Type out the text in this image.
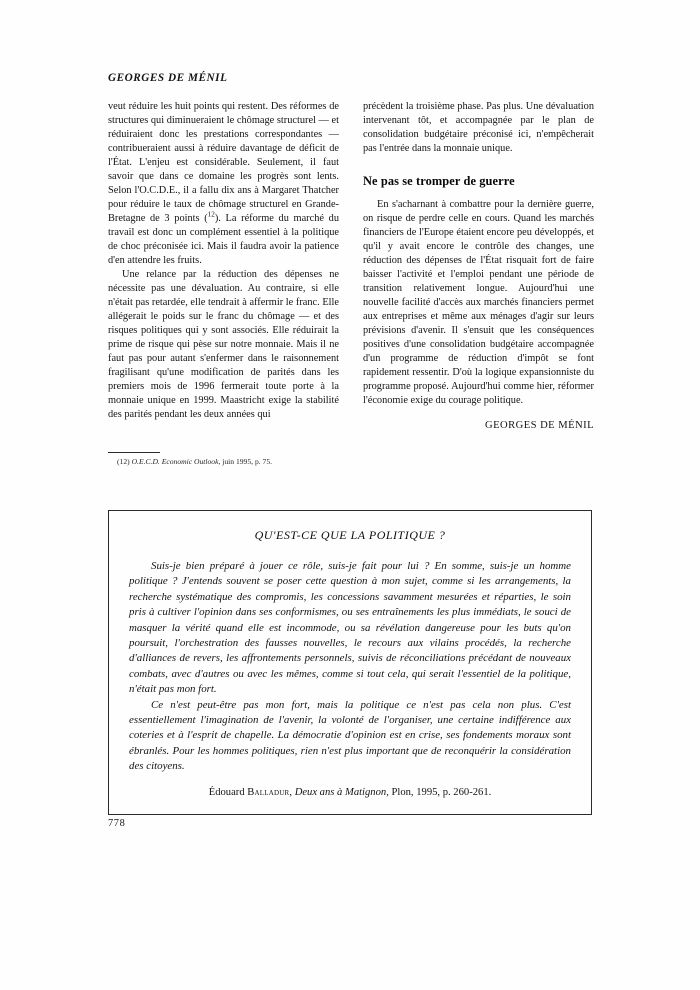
GEORGES DE MÉNIL

veut réduire les huit points qui restent. Des réformes de structures qui diminueraient le chômage structurel — et réduiraient donc les prestations correspondantes — contribueraient aussi à réduire davantage de déficit de l'État. L'enjeu est considérable. Seulement, il faut savoir que dans ce domaine les progrès sont lents. Selon l'O.C.D.E., il a fallu dix ans à Margaret Thatcher pour réduire le taux de chômage structurel en Grande-Bretagne de 3 points ($^{12}$). La réforme du marché du travail est donc un complément essentiel à la politique de choc préconisée ici. Mais il faudra avoir la patience d'en attendre les fruits.

Une relance par la réduction des dépenses ne nécessite pas une dévaluation. Au contraire, si elle n'était pas retardée, elle tendrait à affermir le franc. Elle allégerait le poids sur le franc du chômage — et des risques politiques qui y sont associés. Elle réduirait la prime de risque qui pèse sur notre monnaie. Mais il ne faut pas pour autant s'enfermer dans le raisonnement fragilisant qu'une modification de parités dans les premiers mois de 1996 fermerait toute porte à la monnaie unique en 1999. Maastricht exige la stabilité des parités pendant les deux années qui

précèdent la troisième phase. Pas plus. Une dévaluation intervenant tôt, et accompagnée par le plan de consolidation budgétaire préconisé ici, n'empêcherait pas l'entrée dans la monnaie unique.

Ne pas se tromper de guerre

En s'acharnant à combattre pour la dernière guerre, on risque de perdre celle en cours. Quand les marchés financiers de l'Europe étaient encore peu développés, et qu'il y avait encore le contrôle des changes, une réduction des dépenses de l'État risquait fort de faire baisser l'activité et l'emploi pendant une période de transition relativement longue. Aujourd'hui une nouvelle facilité d'accès aux marchés financiers permet aux entreprises et même aux ménages d'agir sur leurs prévisions d'avenir. Il s'ensuit que les conséquences positives d'une consolidation budgétaire accompagnée d'un programme de réduction d'impôt se font rapidement ressentir. D'où la logique expansionniste du programme proposé. Aujourd'hui comme hier, réformer l'économie exige du courage politique.

GEORGES DE MÉNIL
(12) O.E.C.D. Economic Outlook, juin 1995, p. 75.
QU'EST-CE QUE LA POLITIQUE ?

Suis-je bien préparé à jouer ce rôle, suis-je fait pour lui ? En somme, suis-je un homme politique ? J'entends souvent se poser cette question à mon sujet, comme si les arrangements, la recherche systématique des compromis, les concessions savamment mesurées et réparties, le soin pris à cultiver l'opinion dans ses conformismes, ou ses entraînements les plus immédiats, le souci de masquer la vérité quand elle est incommode, ou sa révélation dangereuse pour les buts qu'on poursuit, l'orchestration des fausses nouvelles, le recours aux vilains procédés, la recherche d'alliances de revers, les affrontements personnels, suivis de réconciliations précédant de nouveaux combats, avec d'autres ou avec les mêmes, comme si tout cela, qui serait l'essentiel de la politique, n'était pas mon fort.

Ce n'est peut-être pas mon fort, mais la politique ce n'est pas cela non plus. C'est essentiellement l'imagination de l'avenir, la volonté de l'organiser, une certaine indifférence aux coteries et à l'esprit de chapelle. La démocratie d'opinion est en crise, ses fondements moraux sont ébranlés. Pour les hommes politiques, rien n'est plus important que de reconquérir la considération des citoyens.

Édouard Balladur, Deux ans à Matignon, Plon, 1995, p. 260-261.
778
